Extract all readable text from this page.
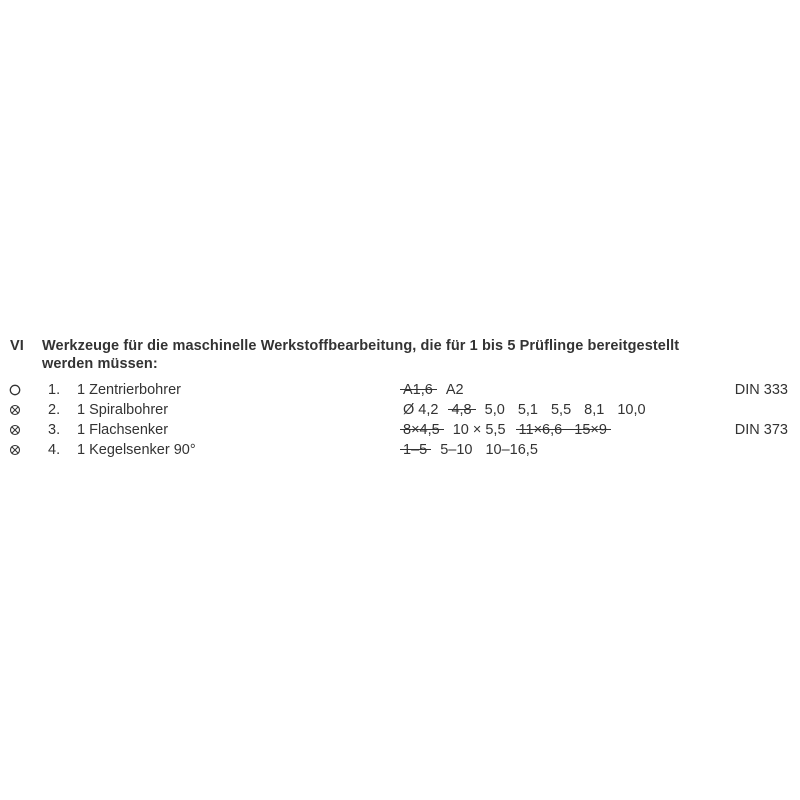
VI	Werkzeuge für die maschinelle Werkstoffbearbeitung, die für 1 bis 5 Prüflinge bereitgestellt
werden müssen:
1. 1 Zentrierbohrer	A1,6 A2	DIN 333
2. 1 Spiralbohrer	Ø 4,2 4,8 5,0 5,1 5,5 8,1 10,0
3. 1 Flachsenker	8×4,5 10 × 5,5 11×6,6   15×9	DIN 373
4. 1 Kegelsenker 90°	1–5 5–10 10–16,5
